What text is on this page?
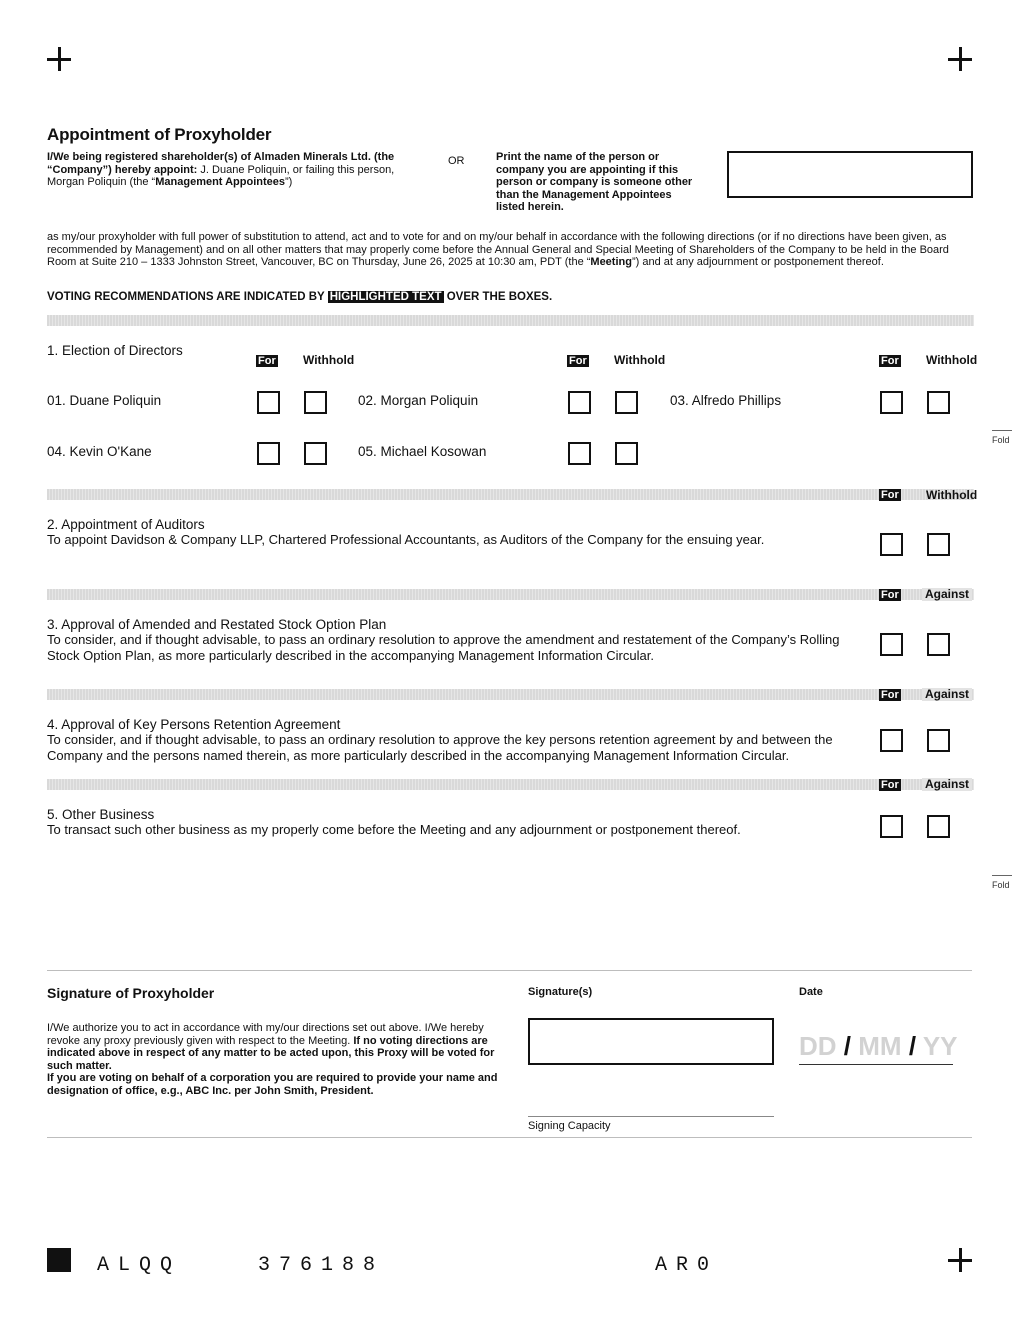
Appointment of Proxyholder
I/We being registered shareholder(s) of Almaden Minerals Ltd. (the “Company”) hereby appoint: J. Duane Poliquin, or failing this person, Morgan Poliquin (the “Management Appointees”)
OR	Print the name of the person or company you are appointing if this person or company is someone other than the Management Appointees listed herein.
as my/our proxyholder with full power of substitution to attend, act and to vote for and on my/our behalf in accordance with the following directions (or if no directions have been given, as recommended by Management) and on all other matters that may properly come before the Annual General and Special Meeting of Shareholders of the Company to be held in the Board Room at Suite 210 – 1333 Johnston Street, Vancouver, BC on Thursday, June 26, 2025 at 10:30 am, PDT (the “Meeting”) and at any adjournment or postponement thereof.
VOTING RECOMMENDATIONS ARE INDICATED BY HIGHLIGHTED TEXT OVER THE BOXES.
1. Election of Directors
For Withhold	For Withhold	For Withhold
01. Duane Poliquin	02. Morgan Poliquin	03. Alfredo Phillips
04. Kevin O'Kane	05. Michael Kosowan
Fold
For Withhold
2. Appointment of Auditors
To appoint Davidson & Company LLP, Chartered Professional Accountants, as Auditors of the Company for the ensuing year.
For Against
3. Approval of Amended and Restated Stock Option Plan
To consider, and if thought advisable, to pass an ordinary resolution to approve the amendment and restatement of the Company’s Rolling Stock Option Plan, as more particularly described in the accompanying Management Information Circular.
For Against
4. Approval of Key Persons Retention Agreement
To consider, and if thought advisable, to pass an ordinary resolution to approve the key persons retention agreement by and between the Company and the persons named therein, as more particularly described in the accompanying Management Information Circular.
For Against
5. Other Business
To transact such other business as my properly come before the Meeting and any adjournment or postponement thereof.
Fold
Signature of Proxyholder
I/We authorize you to act in accordance with my/our directions set out above. I/We hereby revoke any proxy previously given with respect to the Meeting. If no voting directions are indicated above in respect of any matter to be acted upon, this Proxy will be voted for such matter.
If you are voting on behalf of a corporation you are required to provide your name and designation of office, e.g., ABC Inc. per John Smith, President.
Signature(s)
Signing Capacity
Date
DD / MM / YY
ALQQ	376188	AR0
